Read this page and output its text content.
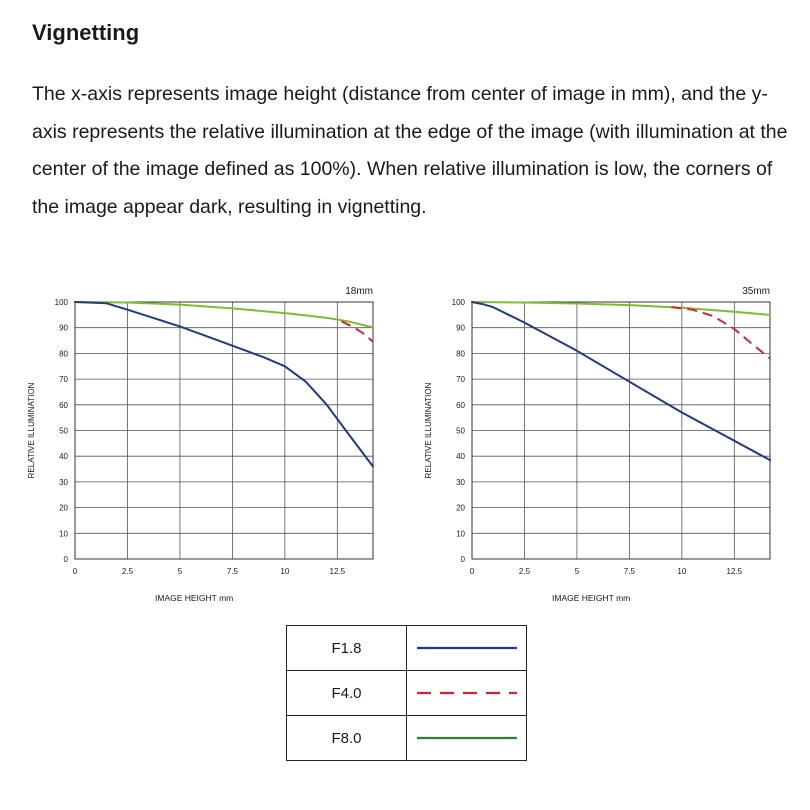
Vignetting

The x-axis represents image height (distance from center of image in mm), and the y-axis represents the relative illumination at the edge of the image (with illumination at the center of the image defined as 100%). When relative illumination is low, the corners of the image appear dark, resulting in vignetting.

18mm
0
10
20
30
40
50
60
70
80
90
100
0	2.5	5	7.5	10	12.5
IMAGE HEIGHT mm
RELATIVE ILLUMINATION
35mm
0
10
20
30
40
50
60
70
80
90
100
0	2.5	5	7.5	10	12.5
IMAGE HEIGHT mm
RELATIVE ILLUMINATION
F1.8	

F4.0	

F8.0	
